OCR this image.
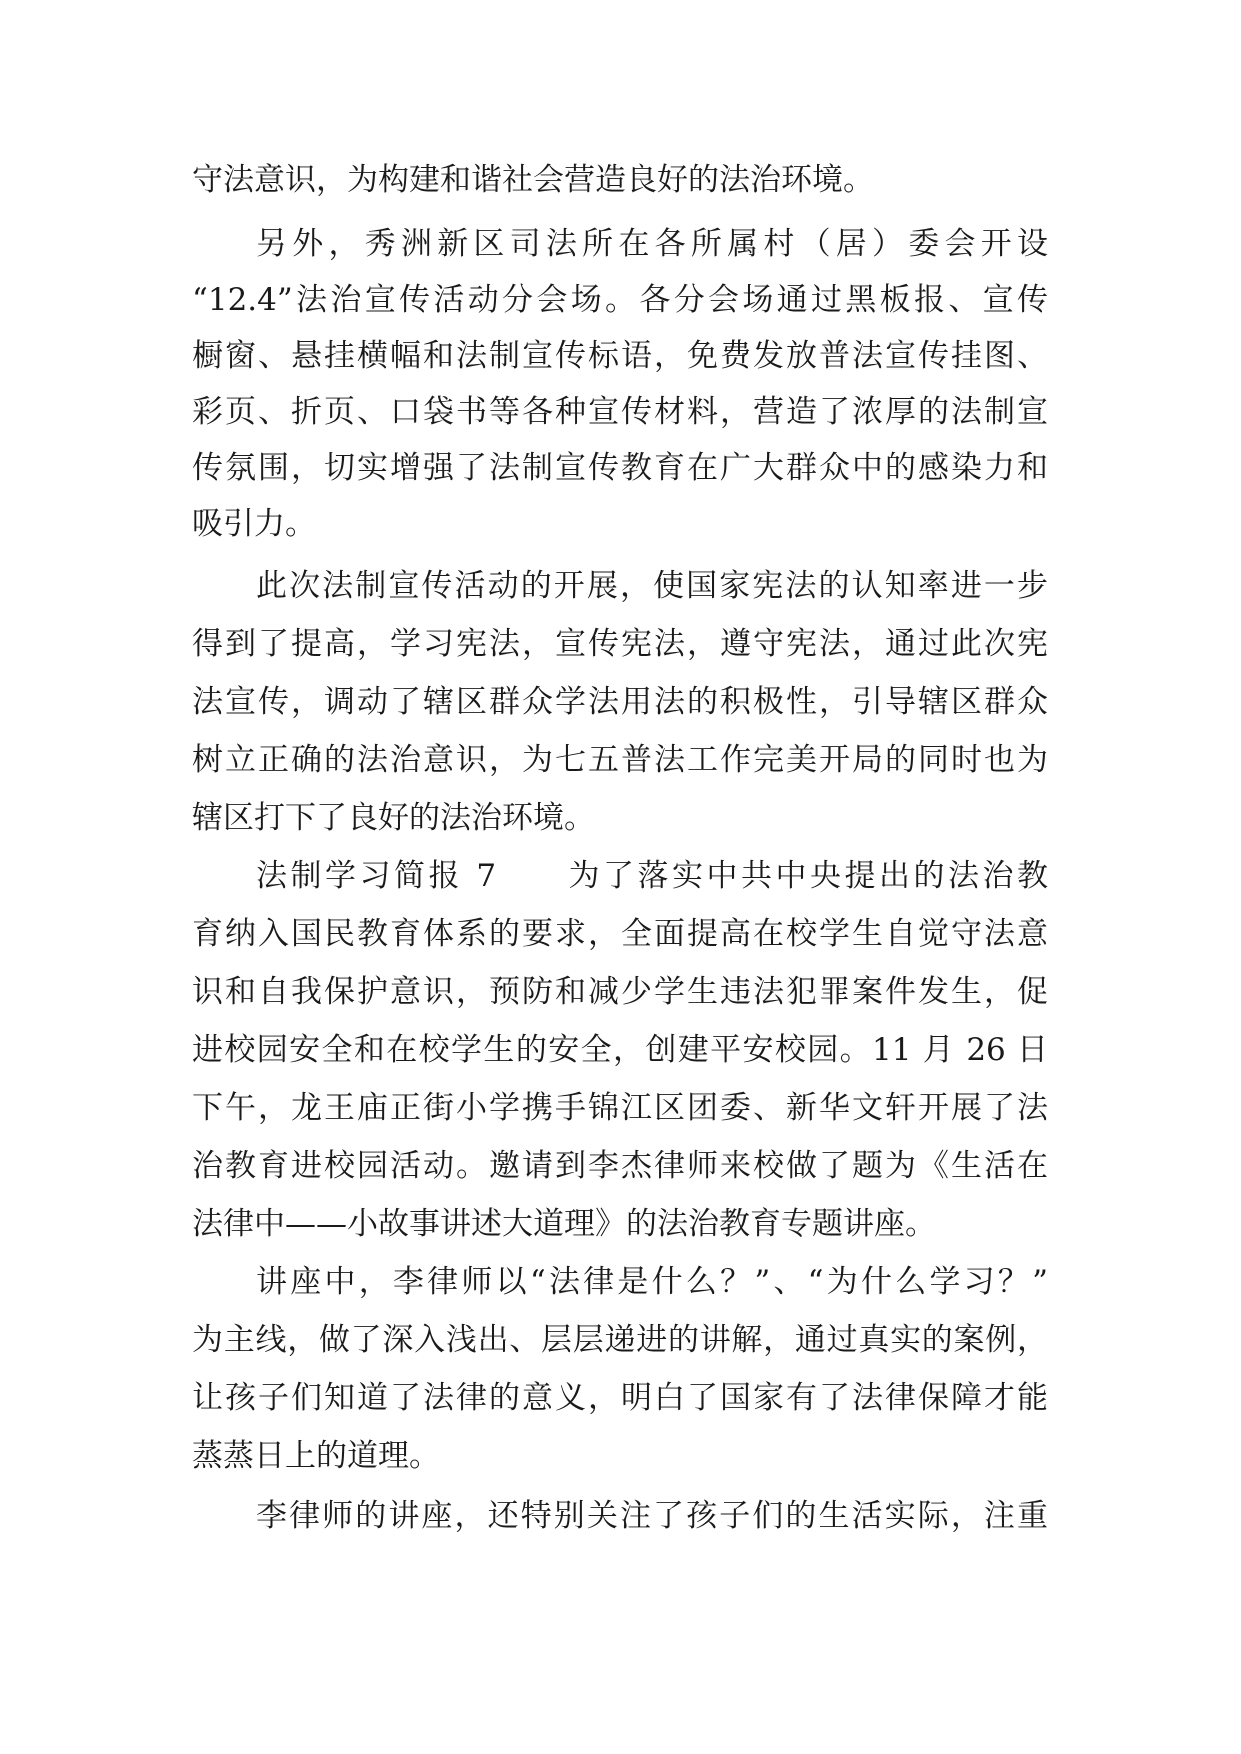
守法意识，为构建和谐社会营造良好的法治环境。
另外，秀洲新区司法所在各所属村（居）委会开设
“12.4”法治宣传活动分会场。各分会场通过黑板报、宣传
橱窗、悬挂横幅和法制宣传标语，免费发放普法宣传挂图、
彩页、折页、口袋书等各种宣传材料，营造了浓厚的法制宣
传氛围，切实增强了法制宣传教育在广大群众中的感染力和
吸引力。
此次法制宣传活动的开展，使国家宪法的认知率进一步
得到了提高，学习宪法，宣传宪法，遵守宪法，通过此次宪
法宣传，调动了辖区群众学法用法的积极性，引导辖区群众
树立正确的法治意识，为七五普法工作完美开局的同时也为
辖区打下了良好的法治环境。
法制学习简报 7　　为了落实中共中央提出的法治教
育纳入国民教育体系的要求，全面提高在校学生自觉守法意
识和自我保护意识，预防和减少学生违法犯罪案件发生，促
进校园安全和在校学生的安全，创建平安校园。11 月 26 日
下午，龙王庙正街小学携手锦江区团委、新华文轩开展了法
治教育进校园活动。邀请到李杰律师来校做了题为《生活在
法律中——小故事讲述大道理》的法治教育专题讲座。
讲座中，李律师以“法律是什么？”、“为什么学习？”
为主线，做了深入浅出、层层递进的讲解，通过真实的案例，
让孩子们知道了法律的意义，明白了国家有了法律保障才能
蒸蒸日上的道理。
李律师的讲座，还特别关注了孩子们的生活实际，注重
